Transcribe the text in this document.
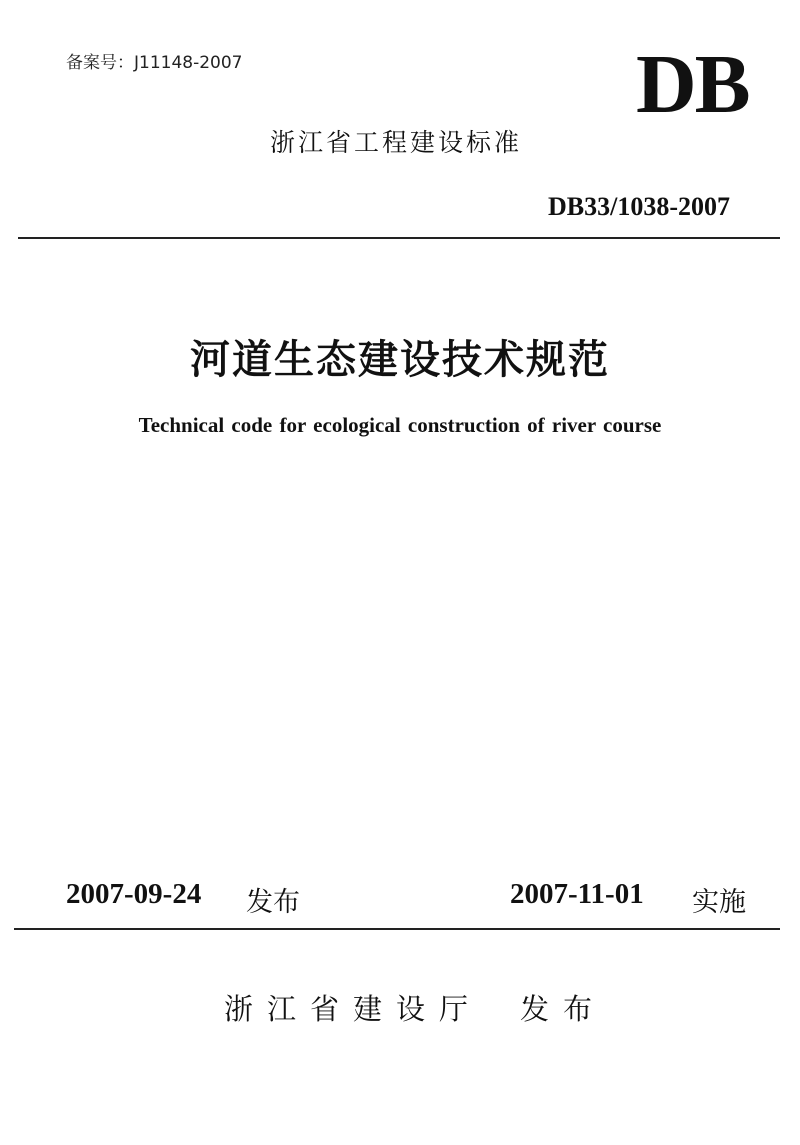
备案号：J11148-2007	DB
浙江省工程建设标准
DB33/1038-2007
河道生态建设技术规范
Technical code for ecological construction of river course
2007-09-24 发布	2007-11-01 实施
浙江省建设厅 发布
